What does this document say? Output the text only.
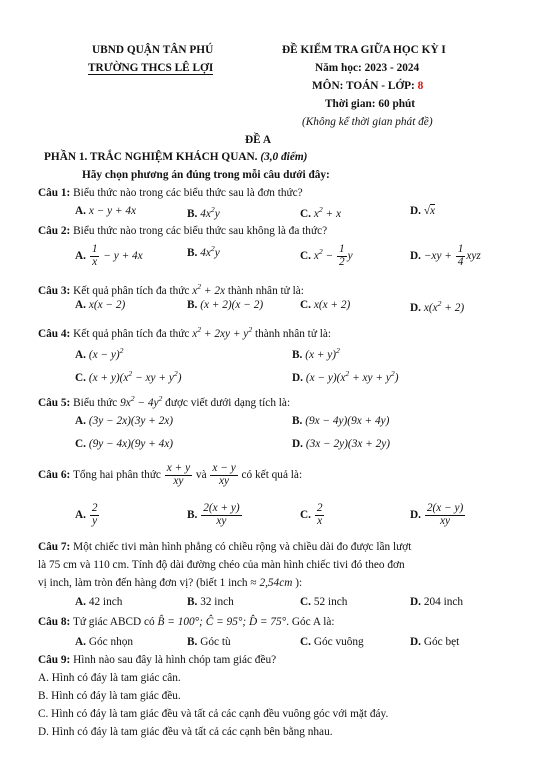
UBND QUẬN TÂN PHÚ
TRƯỜNG THCS LÊ LỢI
ĐỀ KIỂM TRA GIỮA HỌC KỲ I
Năm học: 2023 - 2024
MÔN: TOÁN - LỚP: 8
Thời gian: 60 phút
(Không kể thời gian phát đề)
ĐỀ A
PHẦN 1. TRẮC NGHIỆM KHÁCH QUAN. (3,0 điểm)
Hãy chọn phương án đúng trong mỗi câu dưới đây:
Câu 1: Biểu thức nào trong các biểu thức sau là đơn thức?
A. x − y + 4x	B. $4x^2y$	C. $x^2 + x$	D. √x
Câu 2: Biểu thức nào trong các biểu thức sau không là đa thức?
A. $\frac{1}{x} - y + 4x$	B. $4x^2y$	C. $x^2 - \frac{1}{2}$ y	D. $-xy + \frac{1}{4}$ xyz
Câu 3: Kết quả phân tích đa thức $x^2 + 2x$ thành nhân tử là:
A. x(x − 2)	B. (x + 2)(x − 2)	C. x(x + 2)	D. $x(x^2 + 2)$
Câu 4: Kết quả phân tích đa thức $x^2 + 2xy + y^2$ thành nhân tử là:
A. $(x - y)^2$	B. $(x + y)^2$
C. $(x + y)(x^2$ − xy + $y^2$)	D. $(x - y)(x^2$ + xy + $y^2$)
Câu 5: Biểu thức $9x^2 - 4y^2$ được viết dưới dạng tích là:
A. (3y − 2x)(3y + 2x)	B. (9x − 4y)(9x + 4y)
C. (9y − 4x)(9y + 4x)	D. (3x − 2y)(3x + 2y)
Câu 6: Tổng hai phân thức $\frac{x + y}{xy}$ và $\frac{x - y}{xy}$ có kết quả là:
A. $\frac{2}{y}$	B. $\frac{2(x + y)}{xy}$	C. $\frac{2}{x}$	D. $\frac{2(x - y)}{xy}$
Câu 7: Một chiếc tivi màn hình phẳng có chiều rộng và chiều dài đo được lần lượt
là 75 cm và 110 cm. Tính độ dài đường chéo của màn hình chiếc tivi đó theo đơn
vị inch, làm tròn đến hàng đơn vị? (biết 1 inch ≈ 2,54cm ):
A. 42 inch	B. 32 inch	C. 52 inch	D. 204 inch
Câu 8: Tứ giác ABCD có B̂ = 100°; Ĉ = 95°; D̂ = 75°. Góc A là:
A. Góc nhọn	B. Góc tù	C. Góc vuông	D. Góc bẹt
Câu 9: Hình nào sau đây là hình chóp tam giác đều?
A. Hình có đáy là tam giác cân.
B. Hình có đáy là tam giác đều.
C. Hình có đáy là tam giác đều và tất cả các cạnh đều vuông góc với mặt đáy.
D. Hình có đáy là tam giác đều và tất cả các cạnh bên bằng nhau.
